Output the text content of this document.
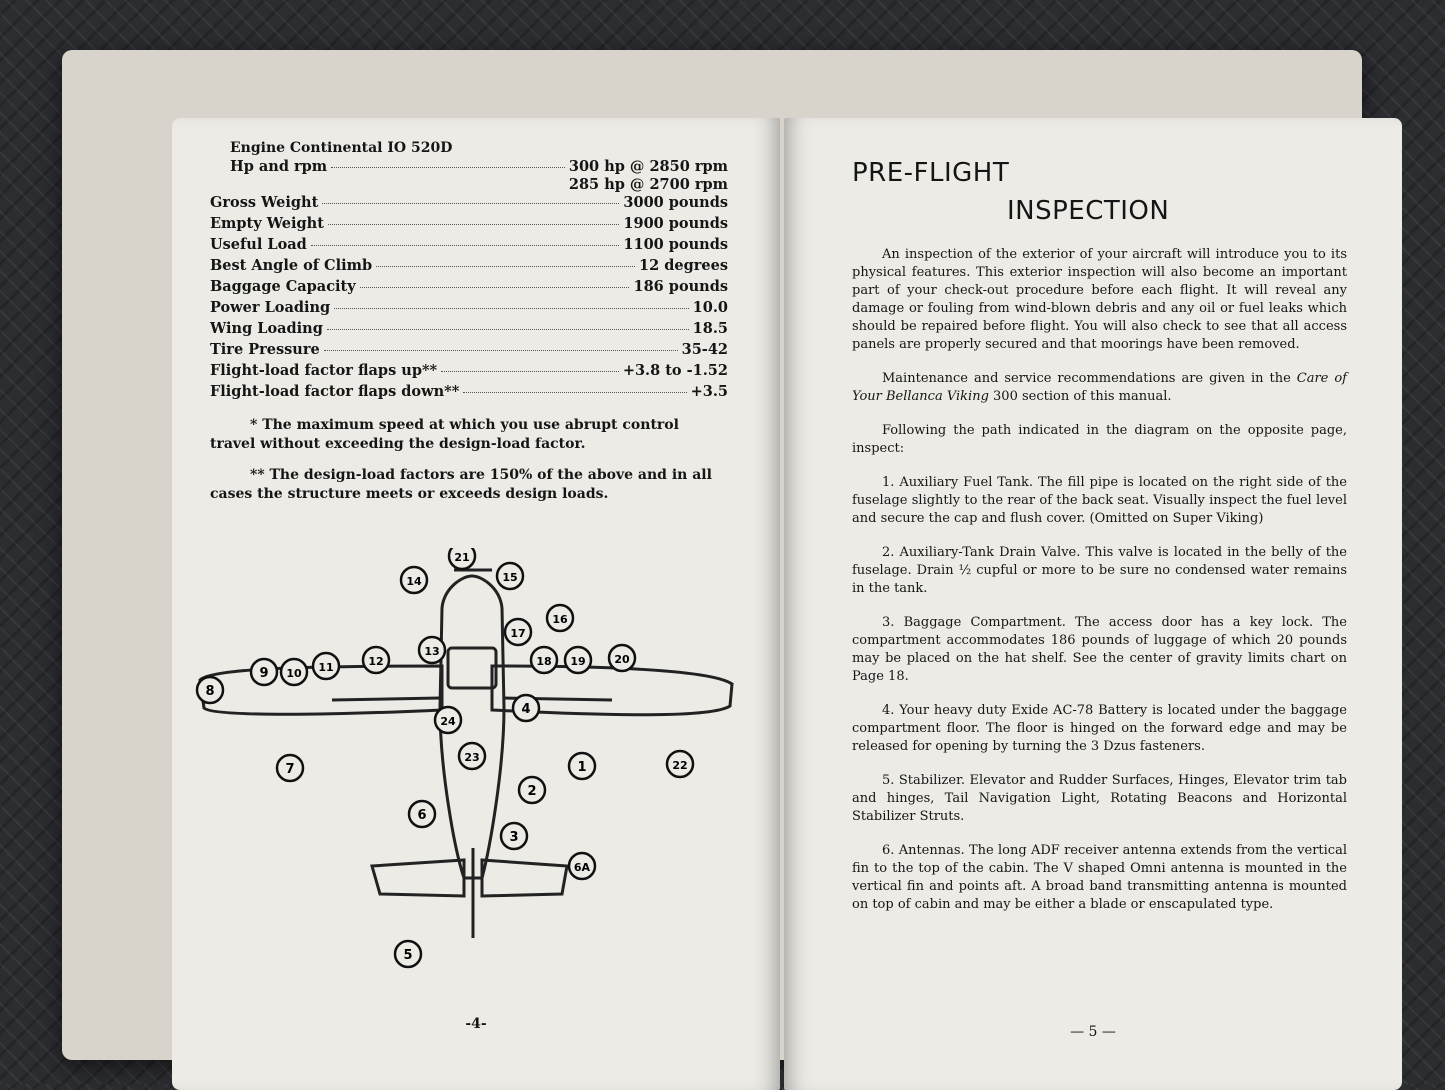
Engine Continental IO 520D
Hp and rpm	300 hp @ 2850 rpm
285 hp @ 2700 rpm
Gross Weight	3000 pounds
Empty Weight	1900 pounds
Useful Load	1100 pounds
Best Angle of Climb	12 degrees
Baggage Capacity	186 pounds
Power Loading	10.0
Wing Loading	18.5
Tire Pressure	35-42
Flight-load factor flaps up**	+3.8 to -1.52
Flight-load factor flaps down**	+3.5

* The maximum speed at which you use abrupt control travel without exceeding the design-load factor.

** The design-load factors are 150% of the above and in all cases the structure meets or exceeds design loads.

1
2
3
4
5
6
6A
7
8
9 10 11	12
13
14	15
16
17
18 19	20
21
22
23
24
-4-
PRE-FLIGHT
INSPECTION

An inspection of the exterior of your aircraft will introduce you to its physical features. This exterior inspection will also become an important part of your check-out procedure before each flight. It will reveal any damage or fouling from wind-blown debris and any oil or fuel leaks which should be repaired before flight. You will also check to see that all access panels are properly secured and that moorings have been removed.

Maintenance and service recommendations are given in the Care of Your Bellanca Viking 300 section of this manual.

Following the path indicated in the diagram on the opposite page, inspect:

1. Auxiliary Fuel Tank. The fill pipe is located on the right side of the fuselage slightly to the rear of the back seat. Visually inspect the fuel level and secure the cap and flush cover. (Omitted on Super Viking)

2. Auxiliary-Tank Drain Valve. This valve is located in the belly of the fuselage. Drain ½ cupful or more to be sure no condensed water remains in the tank.

3. Baggage Compartment. The access door has a key lock. The compartment accommodates 186 pounds of luggage of which 20 pounds may be placed on the hat shelf. See the center of gravity limits chart on Page 18.

4. Your heavy duty Exide AC-78 Battery is located under the baggage compartment floor. The floor is hinged on the forward edge and may be released for opening by turning the 3 Dzus fasteners.

5. Stabilizer. Elevator and Rudder Surfaces, Hinges, Elevator trim tab and hinges, Tail Navigation Light, Rotating Beacons and Horizontal Stabilizer Struts.

6. Antennas. The long ADF receiver antenna extends from the vertical fin to the top of the cabin. The V shaped Omni antenna is mounted in the vertical fin and points aft. A broad band transmitting antenna is mounted on top of cabin and may be either a blade or enscapulated type.

— 5 —
